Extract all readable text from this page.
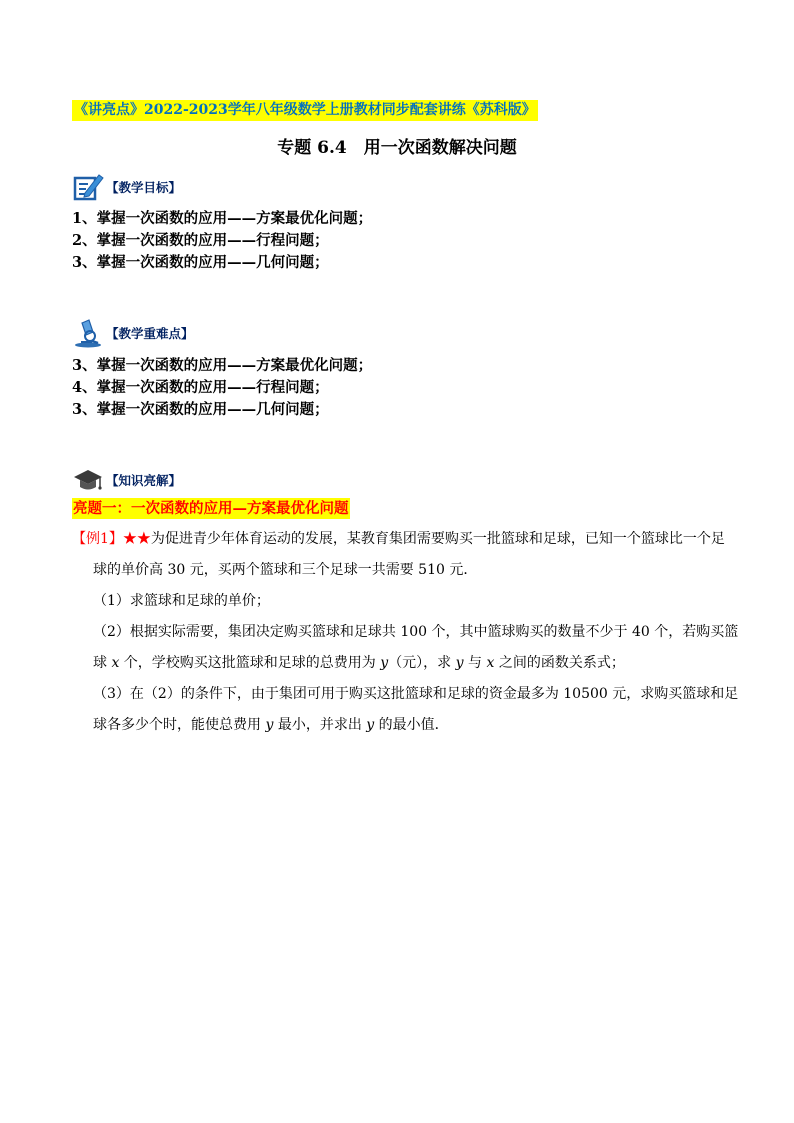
《讲亮点》2022-2023学年八年级数学上册教材同步配套讲练《苏科版》
专题 6.4　用一次函数解决问题
【教学目标】
1、掌握一次函数的应用——方案最优化问题；
2、掌握一次函数的应用——行程问题；
3、掌握一次函数的应用——几何问题；
【教学重难点】
3、掌握一次函数的应用——方案最优化问题；
4、掌握一次函数的应用——行程问题；
3、掌握一次函数的应用——几何问题；
【知识亮解】
亮题一：一次函数的应用—方案最优化问题
【例1】★★为促进青少年体育运动的发展，某教育集团需要购买一批篮球和足球，已知一个篮球比一个足
球的单价高 30 元，买两个篮球和三个足球一共需要 510 元．
（1）求篮球和足球的单价；
（2）根据实际需要，集团决定购买篮球和足球共 100 个，其中篮球购买的数量不少于 40 个，若购买篮
球 x 个，学校购买这批篮球和足球的总费用为 y（元），求 y 与 x 之间的函数关系式；
（3）在（2）的条件下，由于集团可用于购买这批篮球和足球的资金最多为 10500 元，求购买篮球和足
球各多少个时，能使总费用 y 最小，并求出 y 的最小值．
